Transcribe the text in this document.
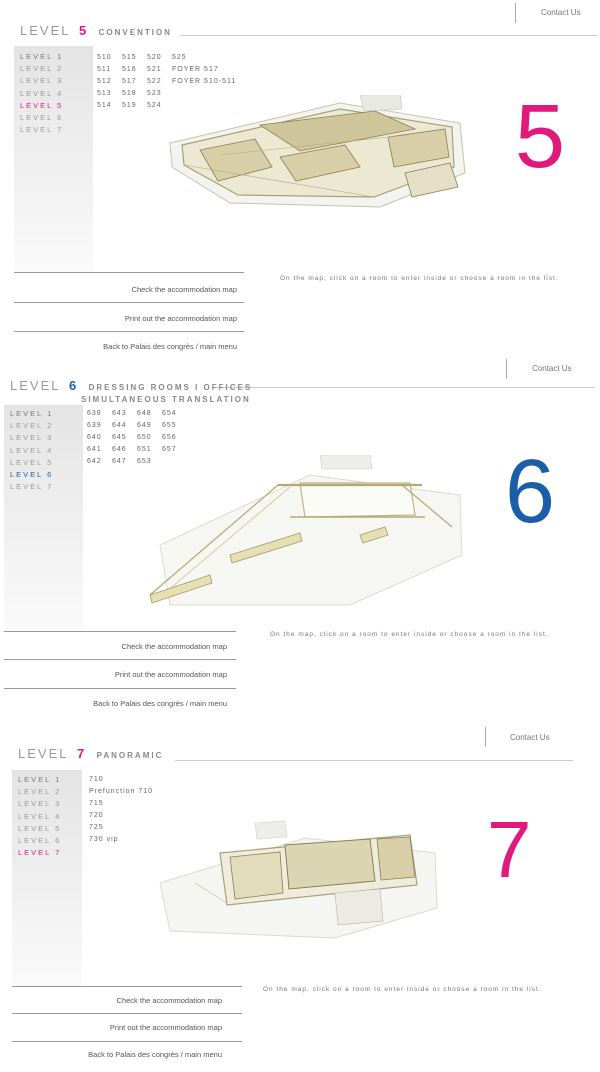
Contact Us
LEVEL 5 CONVENTION
LEVEL 1
LEVEL 2
LEVEL 3
LEVEL 4
LEVEL 5
LEVEL 6
LEVEL 7
510	515	520	525
511	516	521	FOYER 517
512	517	522	FOYER 510-511
513	518	523
514	519	524	5
On the map, click on a room to enter inside or choose a room in the list.
Check the accommodation map
Print out the accommodation map
Back to Palais des congrès / main menu
Contact Us
LEVEL 6 DRESSING ROOMS I OFFICES
SIMULTANEOUS TRANSLATION
LEVEL 1
LEVEL 2
LEVEL 3
LEVEL 4
LEVEL 5
LEVEL 6
LEVEL 7
638	643	648	654
639	644	649	655
640	645	650	656
641	646	651	657
642	647	653	6
On the map, click on a room to enter inside or choose a room in the list.
Check the accommodation map
Print out the accommodation map
Back to Palais des congrès / main menu
Contact Us
LEVEL 7 PANORAMIC
LEVEL 1
LEVEL 2
LEVEL 3
LEVEL 4
LEVEL 5
LEVEL 6
LEVEL 7
710
Prefunction 710
715
720
725
730 vip	7
On the map, click on a room to enter inside or choose a room in the list.
Check the accommodation map
Print out the accommodation map
Back to Palais des congrès / main menu
